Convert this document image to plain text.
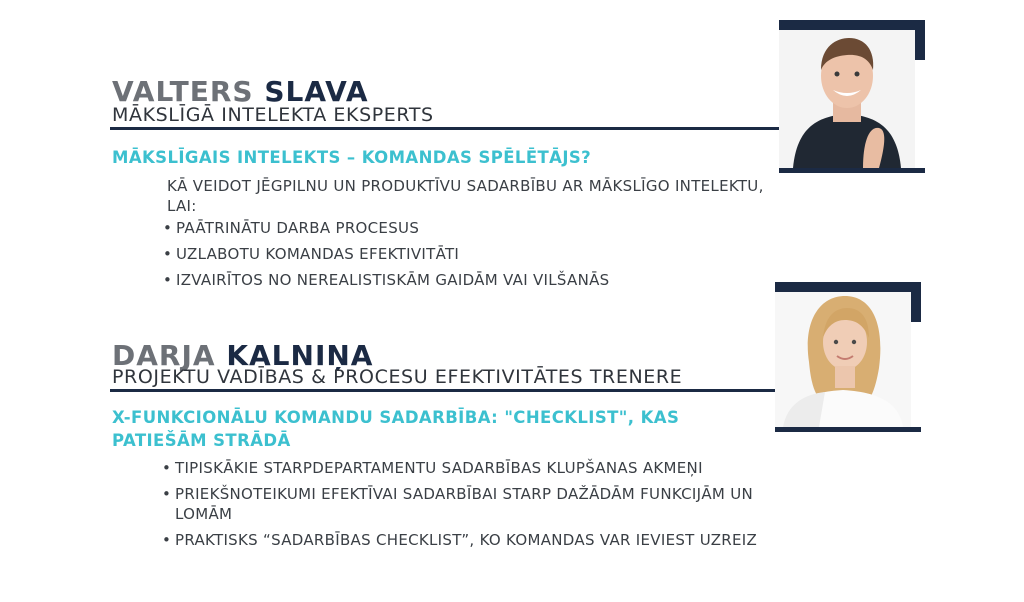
VALTERS SLAVA

MĀKSLĪGĀ INTELEKTA EKSPERTS

MĀKSLĪGAIS INTELEKTS – KOMANDAS SPĒLĒTĀJS?

KĀ VEIDOT JĒGPILNU UN PRODUKTĪVU SADARBĪBU AR MĀKSLĪGO INTELEKTU, LAI:

• PAĀTRINĀTU DARBA PROCESUS
• UZLABOTU KOMANDAS EFEKTIVITĀTI
• IZVAIRĪTOS NO NEREALISTISKĀM GAIDĀM VAI VILŠANĀS
DARJA KALNIŅA

PROJEKTU VADĪBAS & PROCESU EFEKTIVITĀTES TRENERE

X-FUNKCIONĀLU KOMANDU SADARBĪBA: "CHECKLIST", KAS PATIEŠĀM STRĀDĀ
• TIPISKĀKIE STARPDEPARTAMENTU SADARBĪBAS KLUPŠANAS AKMEŅI
• PRIEKŠNOTEIKUMI EFEKTĪVAI SADARBĪBAI STARP DAŽĀDĀM FUNKCIJĀM UN LOMĀM
• PRAKTISKS “SADARBĪBAS CHECKLIST”, KO KOMANDAS VAR IEVIEST UZREIZ
